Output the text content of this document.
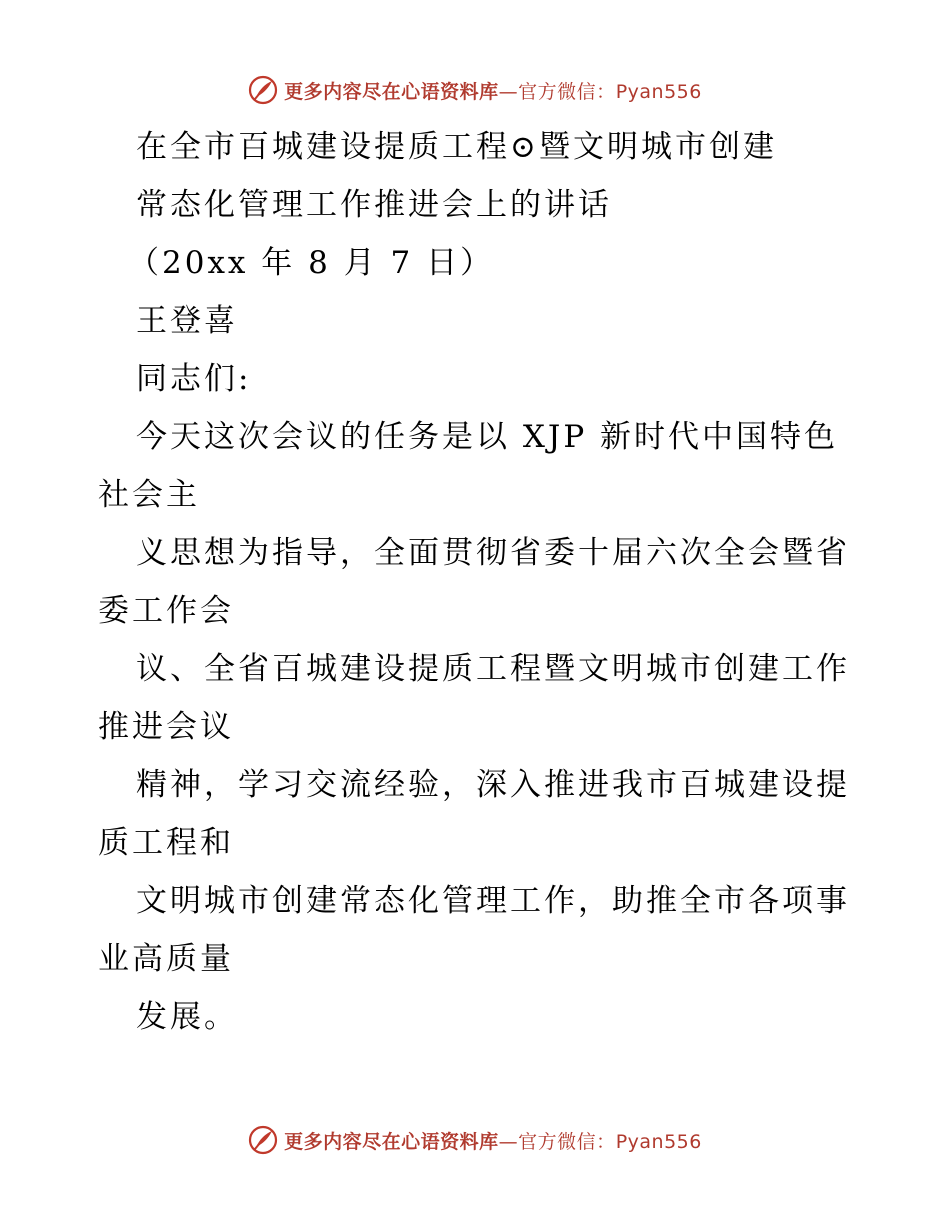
更多内容尽在心语资料库—官方微信：Pyan556
在全市百城建设提质工程⊙暨文明城市创建
常态化管理工作推进会上的讲话
（20xx 年 8 月 7 日）
王登喜
同志们:
今天这次会议的任务是以 XJP 新时代中国特色
社会主
义思想为指导，全面贯彻省委十届六次全会暨省
委工作会
议、全省百城建设提质工程暨文明城市创建工作
推进会议
精神，学习交流经验，深入推进我市百城建设提
质工程和
文明城市创建常态化管理工作，助推全市各项事
业高质量
发展。
更多内容尽在心语资料库—官方微信：Pyan556
